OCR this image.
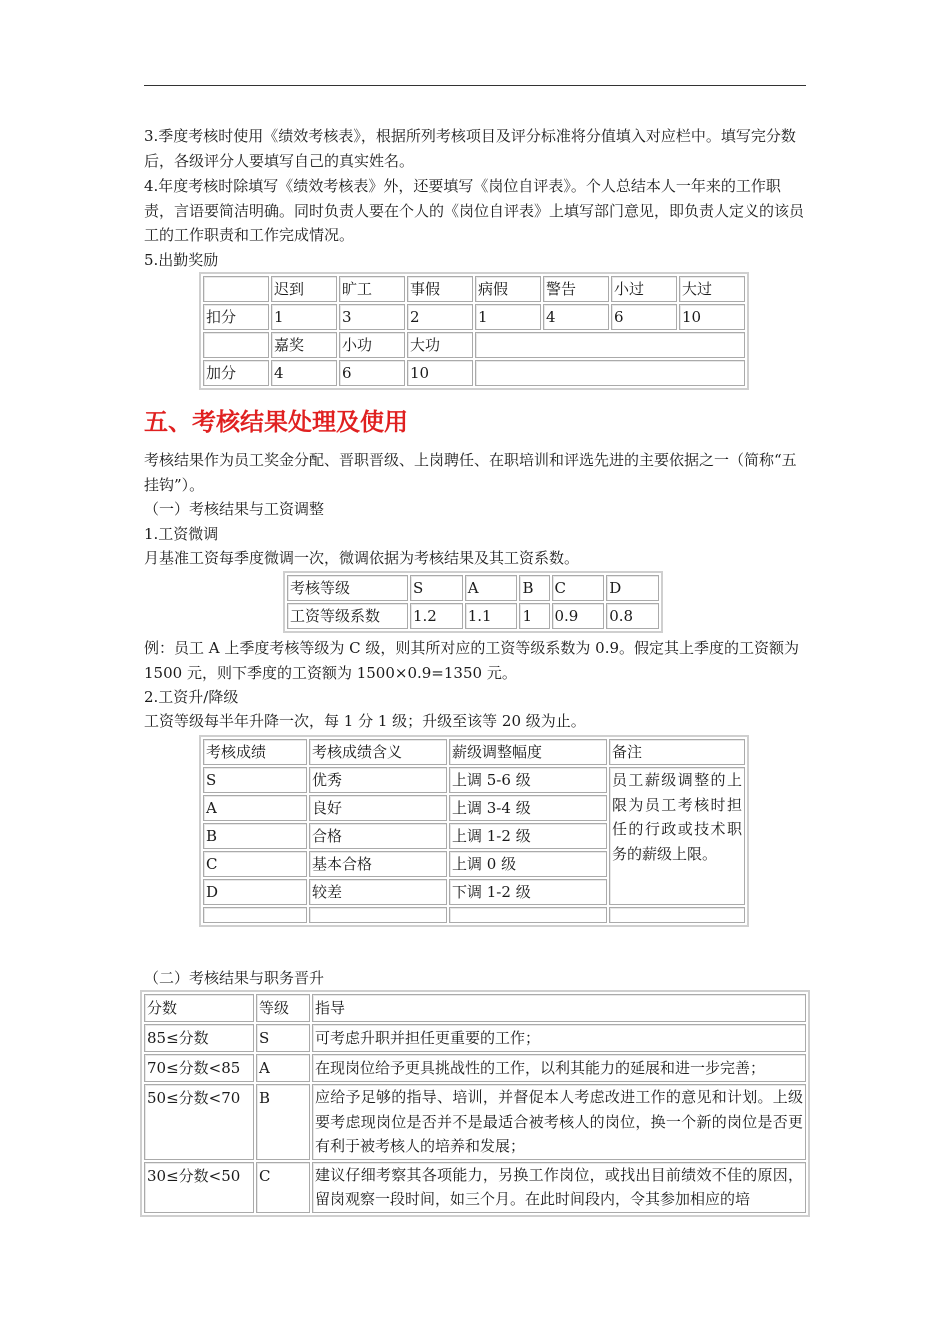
3.季度考核时使用《绩效考核表》，根据所列考核项目及评分标准将分值填入对应栏中。填写完分数后，各级评分人要填写自己的真实姓名。

4.年度考核时除填写《绩效考核表》外，还要填写《岗位自评表》。个人总结本人一年来的工作职责，言语要简洁明确。同时负责人要在个人的《岗位自评表》上填写部门意见，即负责人定义的该员工的工作职责和工作完成情况。

5.出勤奖励

	迟到	旷工	事假	病假	警告	小过	大过
扣分	1	3	2	1	4	6	10
	嘉奖	小功	大功				
加分	4	6	10				
五、考核结果处理及使用

考核结果作为员工奖金分配、晋职晋级、上岗聘任、在职培训和评选先进的主要依据之一（简称“五挂钩”）。

（一）考核结果与工资调整

1.工资微调

月基准工资每季度微调一次，微调依据为考核结果及其工资系数。

考核等级	S	A	B	C	D
工资等级系数	1.2	1.1	1	0.9	0.8

例：员工 A 上季度考核等级为 C 级，则其所对应的工资等级系数为 0.9。假定其上季度的工资额为 1500 元，则下季度的工资额为 1500×0.9=1350 元。

2.工资升/降级

工资等级每半年升降一次，每 1 分 1 级；升级至该等 20 级为止。

考核成绩	考核成绩含义	薪级调整幅度	备注
S	优秀	上调 5-6 级	员工薪级调整的上限为员工考核时担任的行政或技术职务的薪级上限。
A	良好	上调 3-4 级	
B	合格	上调 1-2 级	
C	基本合格	上调 0 级	
D	较差	下调 1-2 级	

（二）考核结果与职务晋升

分数	等级	指导
85≤分数	S	可考虑升职并担任更重要的工作；
70≤分数<85	A	在现岗位给予更具挑战性的工作，以利其能力的延展和进一步完善；
50≤分数<70	B	应给予足够的指导、培训，并督促本人考虑改进工作的意见和计划。上级要考虑现岗位是否并不是最适合被考核人的岗位，换一个新的岗位是否更有利于被考核人的培养和发展；
30≤分数<50	C	建议仔细考察其各项能力，另换工作岗位，或找出目前绩效不佳的原因，留岗观察一段时间，如三个月。在此时间段内，令其参加相应的培
